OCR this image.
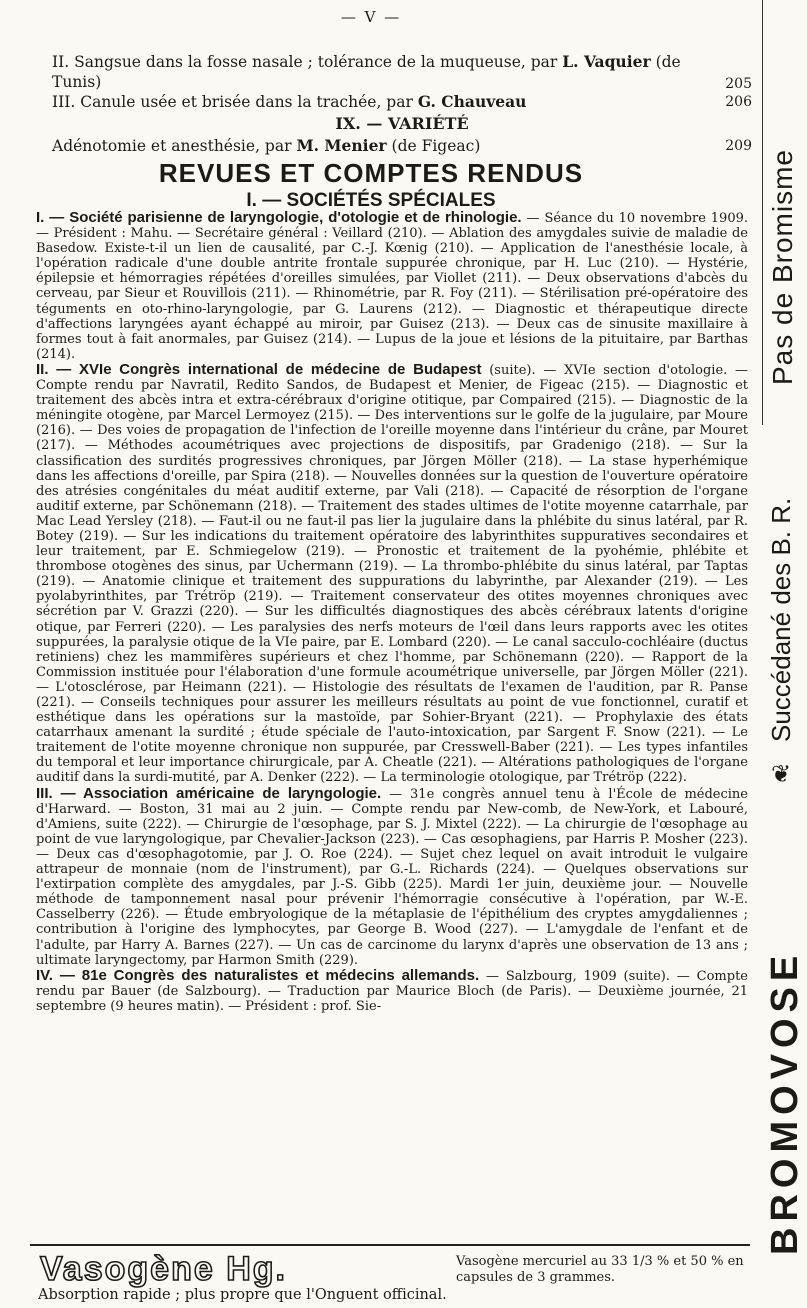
— V —
II. Sangsue dans la fosse nasale ; tolérance de la muqueuse, par L. Vaquier (de Tunis)	205
III. Canule usée et brisée dans la trachée, par G. Chauveau	206
IX. — VARIÉTÉ
Adénotomie et anesthésie, par M. Menier (de Figeac)	209
REVUES ET COMPTES RENDUS
I. — SOCIÉTÉS SPÉCIALES

I. — Société parisienne de laryngologie, d'otologie et de rhinologie. — Séance du 10 novembre 1909. — Président : Mahu. — Secrétaire général : Veillard (210). — Ablation des amygdales suivie de maladie de Basedow. Existe-t-il un lien de causalité, par C.-J. Kœnig (210). — Application de l'anesthésie locale, à l'opération radicale d'une double antrite frontale suppurée chronique, par H. Luc (210). — Hystérie, épilepsie et hémorragies répétées d'oreilles simulées, par Viollet (211). — Deux observations d'abcès du cerveau, par Sieur et Rouvillois (211). — Rhinométrie, par R. Foy (211). — Stérilisation pré-opératoire des téguments en oto-rhino-laryngologie, par G. Laurens (212). — Diagnostic et thérapeutique directe d'affections laryngées ayant échappé au miroir, par Guisez (213). — Deux cas de sinusite maxillaire à formes tout à fait anormales, par Guisez (214). — Lupus de la joue et lésions de la pituitaire, par Barthas (214).

II. — XVIe Congrès international de médecine de Budapest (suite). — XVIe section d'otologie. — Compte rendu par Navratil, Redito Sandos, de Budapest et Menier, de Figeac (215). — Diagnostic et traitement des abcès intra et extra-cérébraux d'origine otitique, par Compaired (215). — Diagnostic de la méningite otogène, par Marcel Lermoyez (215). — Des interventions sur le golfe de la jugulaire, par Moure (216). — Des voies de propagation de l'infection de l'oreille moyenne dans l'intérieur du crâne, par Mouret (217). — Méthodes acoumétriques avec projections de dispositifs, par Gradenigo (218). — Sur la classification des surdités progressives chroniques, par Jörgen Möller (218). — La stase hyperhémique dans les affections d'oreille, par Spira (218). — Nouvelles données sur la question de l'ouverture opératoire des atrésies congénitales du méat auditif externe, par Vali (218). — Capacité de résorption de l'organe auditif externe, par Schönemann (218). — Traitement des stades ultimes de l'otite moyenne catarrhale, par Mac Lead Yersley (218). — Faut-il ou ne faut-il pas lier la jugulaire dans la phlébite du sinus latéral, par R. Botey (219). — Sur les indications du traitement opératoire des labyrinthites suppuratives secondaires et leur traitement, par E. Schmiegelow (219). — Pronostic et traitement de la pyohémie, phlébite et thrombose otogènes des sinus, par Uchermann (219). — La thrombo-phlébite du sinus latéral, par Taptas (219). — Anatomie clinique et traitement des suppurations du labyrinthe, par Alexander (219). — Les pyolabyrinthites, par Trétröp (219). — Traitement conservateur des otites moyennes chroniques avec sécrétion par V. Grazzi (220). — Sur les difficultés diagnostiques des abcès cérébraux latents d'origine otique, par Ferreri (220). — Les paralysies des nerfs moteurs de l'œil dans leurs rapports avec les otites suppurées, la paralysie otique de la VIe paire, par E. Lombard (220). — Le canal sacculo-cochléaire (ductus retiniens) chez les mammifères supérieurs et chez l'homme, par Schönemann (220). — Rapport de la Commission instituée pour l'élaboration d'une formule acoumétrique universelle, par Jörgen Möller (221). — L'otosclérose, par Heimann (221). — Histologie des résultats de l'examen de l'audition, par R. Panse (221). — Conseils techniques pour assurer les meilleurs résultats au point de vue fonctionnel, curatif et esthétique dans les opérations sur la mastoïde, par Sohier-Bryant (221). — Prophylaxie des états catarrhaux amenant la surdité ; étude spéciale de l'auto-intoxication, par Sargent F. Snow (221). — Le traitement de l'otite moyenne chronique non suppurée, par Cresswell-Baber (221). — Les types infantiles du temporal et leur importance chirurgicale, par A. Cheatle (221). — Altérations pathologiques de l'organe auditif dans la surdi-mutité, par A. Denker (222). — La terminologie otologique, par Trétröp (222).

III. — Association américaine de laryngologie. — 31e congrès annuel tenu à l'École de médecine d'Harward. — Boston, 31 mai au 2 juin. — Compte rendu par New-comb, de New-York, et Labouré, d'Amiens, suite (222). — Chirurgie de l'œsophage, par S. J. Mixtel (222). — La chirurgie de l'œsophage au point de vue laryngologique, par Chevalier-Jackson (223). — Cas œsophagiens, par Harris P. Mosher (223). — Deux cas d'œsophagotomie, par J. O. Roe (224). — Sujet chez lequel on avait introduit le vulgaire attrapeur de monnaie (nom de l'instrument), par G.-L. Richards (224). — Quelques observations sur l'extirpation complète des amygdales, par J.-S. Gibb (225). Mardi 1er juin, deuxième jour. — Nouvelle méthode de tamponnement nasal pour prévenir l'hémorragie consécutive à l'opération, par W.-E. Casselberry (226). — Étude embryologique de la métaplasie de l'épithélium des cryptes amygdaliennes ; contribution à l'origine des lymphocytes, par George B. Wood (227). — L'amygdale de l'enfant et de l'adulte, par Harry A. Barnes (227). — Un cas de carcinome du larynx d'après une observation de 13 ans ; ultimate laryngectomy, par Harmon Smith (229).

IV. — 81e Congrès des naturalistes et médecins allemands. — Salzbourg, 1909 (suite). — Compte rendu par Bauer (de Salzbourg). — Traduction par Maurice Bloch (de Paris). — Deuxième journée, 21 septembre (9 heures matin). — Président : prof. Sie-

Vasogène Hg.	Vasogène mercuriel au 33 1/3 % et 50 % en capsules de 3 grammes.
Absorption rapide ; plus propre que l'Onguent officinal.
Pas de Bromisme
Succédané des B. R.
❦
BROMOVOSE
